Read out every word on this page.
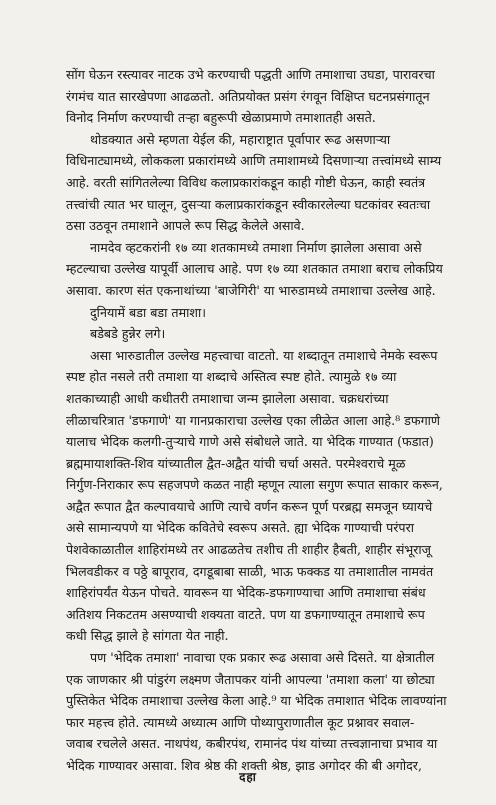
सोंग घेऊन रस्त्यावर नाटक उभे करण्याची पद्धती आणि तमाशाचा उघडा, पारावरचा
रंगमंच यात सारखेपणा आढळतो. अतिप्रयोक्त प्रसंग रंगवून विक्षिप्त घटनप्रसंगातून
विनोद निर्माण करण्याची तऱ्हा बहुरूपी खेळाप्रमाणे तमाशातही असते.

थोडक्यात असे म्हणता येईल की, महाराष्ट्रात पूर्वापार रूढ असणाऱ्या
विधिनाट्यामध्ये, लोककला प्रकारांमध्ये आणि तमाशामध्ये दिसणाऱ्या तत्त्वांमध्ये साम्य
आहे. वरती सांगितलेल्या विविध कलाप्रकारांकडून काही गोष्टी घेऊन, काही स्वतंत्र
तत्त्वांची त्यात भर घालून, दुसऱ्या कलाप्रकारांकडून स्वीकारलेल्या घटकांवर स्वतःचा
ठसा उठवून तमाशाने आपले रूप सिद्ध केलेले असावे.

नामदेव व्हटकरांनी १७ व्या शतकामध्ये तमाशा निर्माण झालेला असावा असे
म्हटल्याचा उल्लेख यापूर्वी आलाच आहे. पण १७ व्या शतकात तमाशा बराच लोकप्रिय
असावा. कारण संत एकनाथांच्या 'बाजेगिरी' या भारुडामध्ये तमाशाचा उल्लेख आहे.

दुनियामें बडा बडा तमाशा।
बडेबडे हुन्नेर लगे।

असा भारुडातील उल्लेख महत्त्वाचा वाटतो. या शब्दातून तमाशाचे नेमके स्वरूप
स्पष्ट होत नसले तरी तमाशा या शब्दाचे अस्तित्व स्पष्ट होते. त्यामुळे १७ व्या
शतकाच्याही आधी कधीतरी तमाशाचा जन्म झालेला असावा. चक्रधरांच्या
लीळाचरित्रात 'डफगाणे' या गानप्रकाराचा उल्लेख एका लीळेत आला आहे.⁸ डफगाणे
यालाच भेदिक कलगी-तुऱ्याचे गाणे असे संबोधले जाते. या भेदिक गाण्यात (फडात)
ब्रह्ममायाशक्ति-शिव यांच्यातील द्वैत-अद्वैत यांची चर्चा असते. परमेश्वराचे मूळ
निर्गुण-निराकार रूप सहजपणे कळत नाही म्हणून त्याला सगुण रूपात साकार करून,
अद्वैत रूपात द्वैत कल्पावयाचे आणि त्याचे वर्णन करून पूर्ण परब्रह्म समजून घ्यायचे
असे सामान्यपणे या भेदिक कवितेचे स्वरूप असते. ह्या भेदिक गाण्याची परंपरा
पेशवेकाळातील शाहिरांमध्ये तर आढळतेच तशीच ती शाहीर हैबती, शाहीर संभूराजू
भिलवडीकर व पठ्ठे बापूराव, दगडूबाबा साळी, भाऊ फक्कड या तमाशातील नामवंत
शाहिरांपर्यंत येऊन पोचते. यावरून या भेदिक-डफगाण्याचा आणि तमाशाचा संबंध
अतिशय निकटतम असण्याची शक्यता वाटते. पण या डफगाण्यातून तमाशाचे रूप
कधी सिद्ध झाले हे सांगता येत नाही.

पण 'भेदिक तमाशा' नावाचा एक प्रकार रूढ असावा असे दिसते. या क्षेत्रातील
एक जाणकार श्री पांडुरंग लक्ष्मण जैतापकर यांनी आपल्या 'तमाशा कला' या छोट्या
पुस्तिकेत भेदिक तमाशाचा उल्लेख केला आहे.⁹ या भेदिक तमाशात भेदिक लावण्यांना
फार महत्त्व होते. त्यामध्ये अध्यात्म आणि पोथ्यापुराणातील कूट प्रश्नावर सवाल-
जवाब रचलेले असत. नाथपंथ, कबीरपंथ, रामानंद पंथ यांच्या तत्त्वज्ञानाचा प्रभाव या
भेदिक गाण्यावर असावा. शिव श्रेष्ठ की शक्ती श्रेष्ठ, झाड अगोदर की बी अगोदर,

दहा
